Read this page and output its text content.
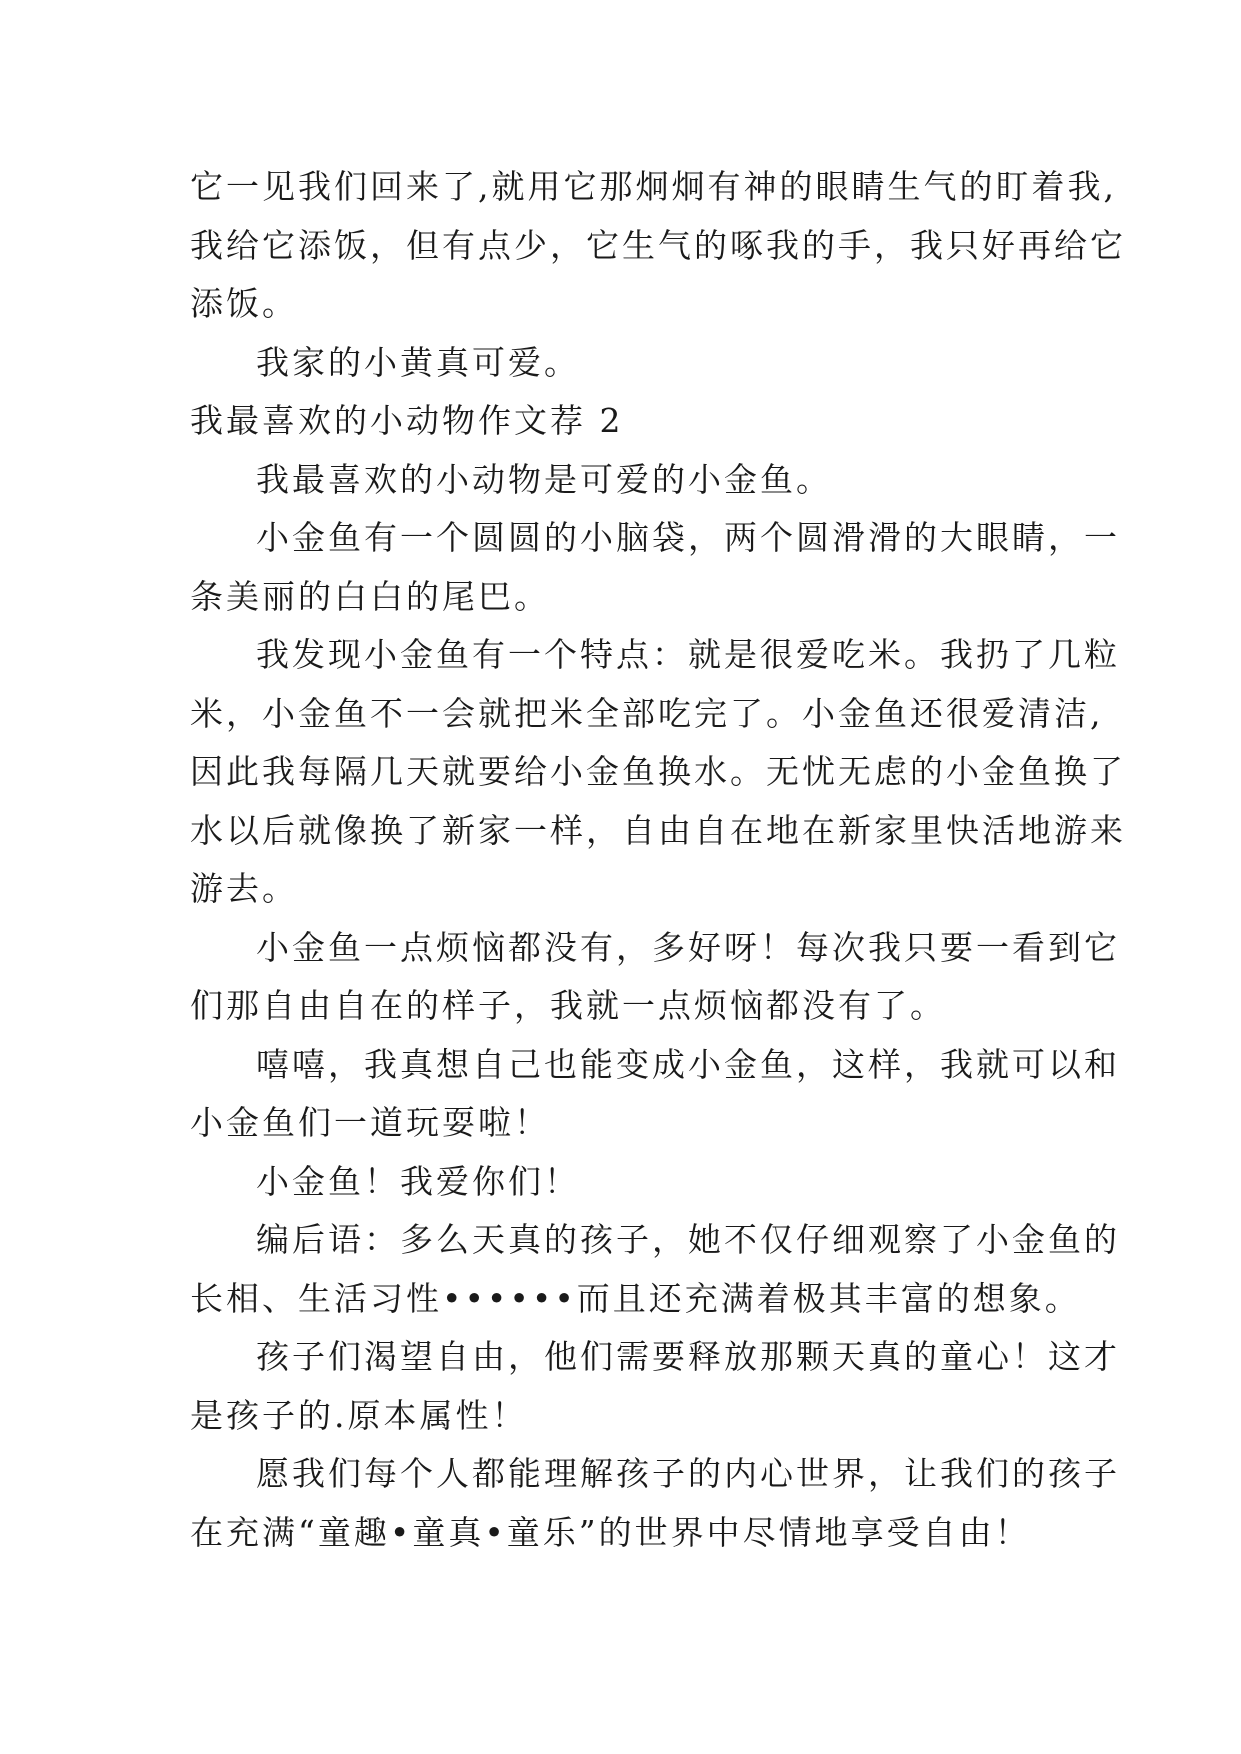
它一见我们回来了,就用它那炯炯有神的眼睛生气的盯着我,

我给它添饭，但有点少，它生气的啄我的手，我只好再给它

添饭。

我家的小黄真可爱。

我最喜欢的小动物作文荐 2

我最喜欢的小动物是可爱的小金鱼。

小金鱼有一个圆圆的小脑袋，两个圆滑滑的大眼睛，一

条美丽的白白的尾巴。

我发现小金鱼有一个特点：就是很爱吃米。我扔了几粒

米，小金鱼不一会就把米全部吃完了。小金鱼还很爱清洁,

因此我每隔几天就要给小金鱼换水。无忧无虑的小金鱼换了

水以后就像换了新家一样，自由自在地在新家里快活地游来

游去。

小金鱼一点烦恼都没有，多好呀！每次我只要一看到它

们那自由自在的样子，我就一点烦恼都没有了。

嘻嘻，我真想自己也能变成小金鱼，这样，我就可以和

小金鱼们一道玩耍啦！

小金鱼！我爱你们！

编后语：多么天真的孩子，她不仅仔细观察了小金鱼的

长相、生活习性••••••而且还充满着极其丰富的想象。

孩子们渴望自由，他们需要释放那颗天真的童心！这才

是孩子的.原本属性！

愿我们每个人都能理解孩子的内心世界，让我们的孩子

在充满“童趣•童真•童乐”的世界中尽情地享受自由！
